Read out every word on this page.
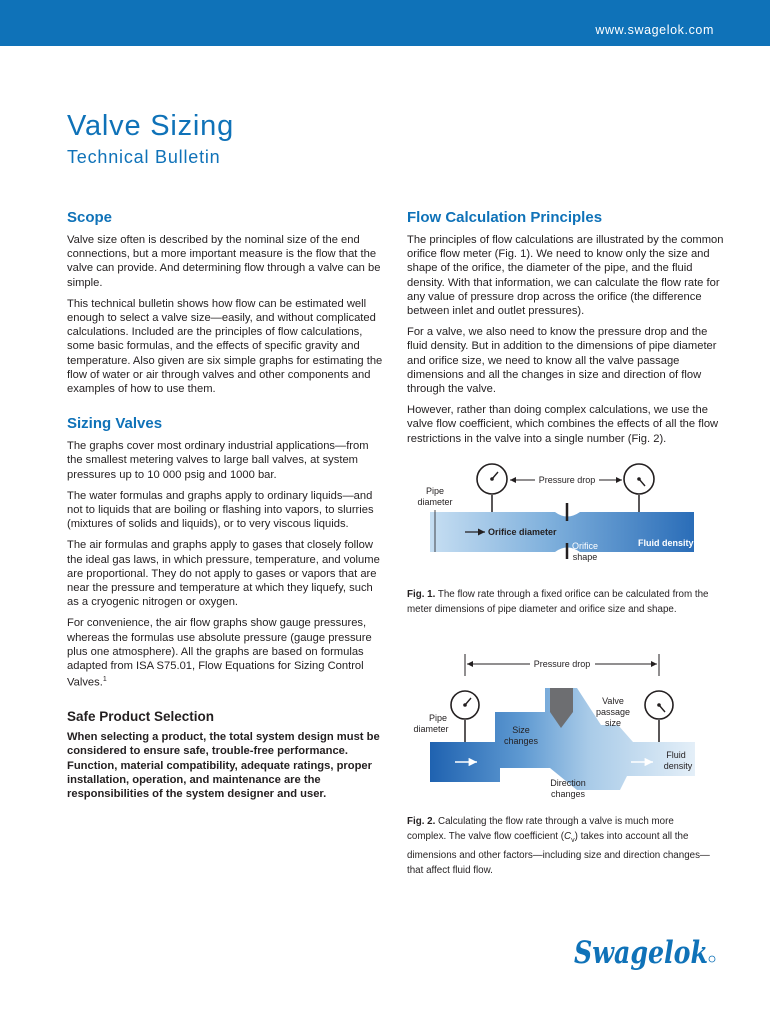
www.swagelok.com
Valve Sizing
Technical Bulletin
Scope

Valve size often is described by the nominal size of the end connections, but a more important measure is the flow that the valve can provide. And determining flow through a valve can be simple.

This technical bulletin shows how flow can be estimated well enough to select a valve size—easily, and without complicated calculations. Included are the principles of flow calculations, some basic formulas, and the effects of specific gravity and temperature. Also given are six simple graphs for estimating the flow of water or air through valves and other components and examples of how to use them.

Sizing Valves

The graphs cover most ordinary industrial applications—from the smallest metering valves to large ball valves, at system pressures up to 10 000 psig and 1000 bar.

The water formulas and graphs apply to ordinary liquids—and not to liquids that are boiling or flashing into vapors, to slurries (mixtures of solids and liquids), or to very viscous liquids.

The air formulas and graphs apply to gases that closely follow the ideal gas laws, in which pressure, temperature, and volume are proportional. They do not apply to gases or vapors that are near the pressure and temperature at which they liquefy, such as a cryogenic nitrogen or oxygen.

For convenience, the air flow graphs show gauge pressures, whereas the formulas use absolute pressure (gauge pressure plus one atmosphere). All the graphs are based on formulas adapted from ISA S75.01, Flow Equations for Sizing Control Valves.$^1$

Safe Product Selection

When selecting a product, the total system design must be considered to ensure safe, trouble-free performance. Function, material compatibility, adequate ratings, proper installation, operation, and maintenance are the responsibilities of the system designer and user.

Flow Calculation Principles

The principles of flow calculations are illustrated by the common orifice flow meter (Fig. 1). We need to know only the size and shape of the orifice, the diameter of the pipe, and the fluid density. With that information, we can calculate the flow rate for any value of pressure drop across the orifice (the difference between inlet and outlet pressures).

For a valve, we also need to know the pressure drop and the fluid density. But in addition to the dimensions of pipe diameter and orifice size, we need to know all the valve passage dimensions and all the changes in size and direction of flow through the valve.

However, rather than doing complex calculations, we use the valve flow coefficient, which combines the effects of all the flow restrictions in the valve into a single number (Fig. 2).

Pressure drop
Pipe
diameter
Orifice diameter
Orifice
shape
Fluid density
Fig. 1. The flow rate through a fixed orifice can be calculated from the meter dimensions of pipe diameter and orifice size and shape.
Pressure drop
Valve
passage
size
Pipe
diameter	Size
changes
Fluid
density
Direction
changes
Fig. 2. Calculating the flow rate through a valve is much more complex. The valve flow coefficient $(C_v)$ takes into account all the dimensions and other factors—including size and direction changes—that affect fluid flow.
Swagelok
